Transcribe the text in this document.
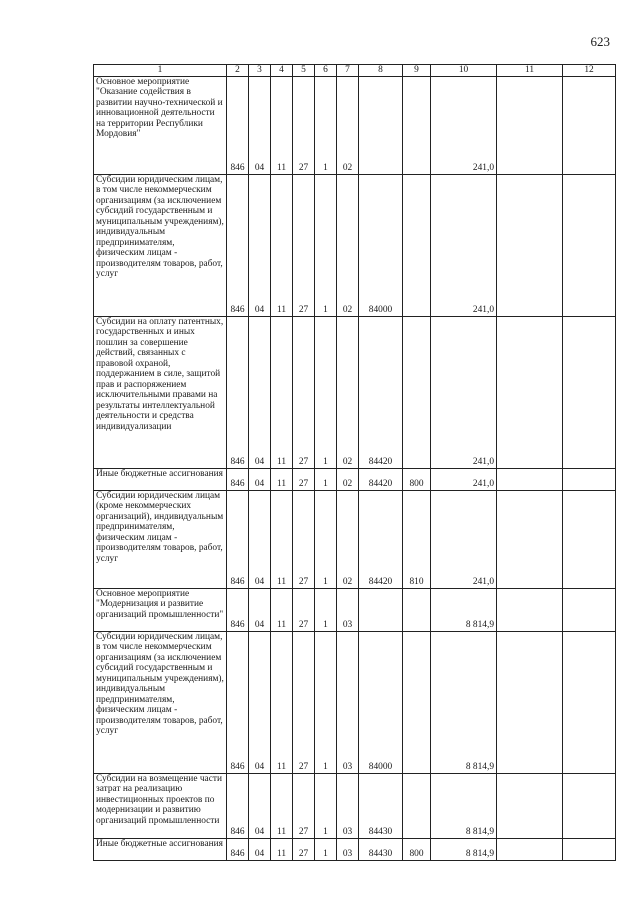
623
1	2	3	4	5	6	7	8	9	10	11	12
Основное мероприятие "Оказание содействия в развитии научно-технической и инновационной деятельности на территории Республики Мордовия"	846	04	11	27	1	02			241,0		
Субсидии юридическим лицам, в том числе некоммерческим организациям (за исключением субсидий государственным и муниципальным учреждениям), индивидуальным предпринимателям, физическим лицам - производителям товаров, работ, услуг	846	04	11	27	1	02	84000		241,0		
Субсидии на оплату патентных, государственных и иных пошлин за совершение действий, связанных с правовой охраной, поддержанием в силе, защитой прав и распоряжением исключительными правами на результаты интеллектуальной деятельности и средства индивидуализации	846	04	11	27	1	02	84420		241,0		
Иные бюджетные ассигнования	846	04	11	27	1	02	84420	800	241,0		
Субсидии юридическим лицам (кроме некоммерческих организаций), индивидуальным предпринимателям, физическим лицам - производителям товаров, работ, услуг	846	04	11	27	1	02	84420	810	241,0		
Основное мероприятие "Модернизация и развитие организаций промышленности"	846	04	11	27	1	03			8 814,9		
Субсидии юридическим лицам, в том числе некоммерческим организациям (за исключением субсидий государственным и муниципальным учреждениям), индивидуальным предпринимателям, физическим лицам - производителям товаров, работ, услуг	846	04	11	27	1	03	84000		8 814,9		
Субсидии на возмещение части затрат на реализацию инвестиционных проектов по модернизации и развитию организаций промышленности	846	04	11	27	1	03	84430		8 814,9		
Иные бюджетные ассигнования	846	04	11	27	1	03	84430	800	8 814,9		
